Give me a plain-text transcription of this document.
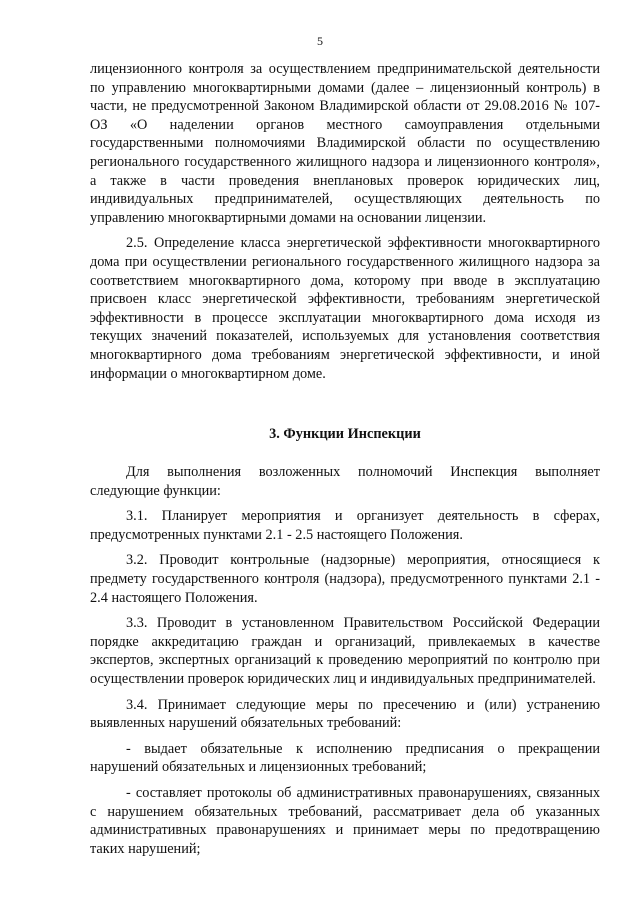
5

лицензионного контроля за осуществлением предпринимательской деятельности по управлению многоквартирными домами (далее – лицензионный контроль) в части, не предусмотренной Законом Владимирской области от 29.08.2016 № 107-ОЗ «О наделении органов местного самоуправления отдельными государственными полномочиями Владимирской области по осуществлению регионального государственного жилищного надзора и лицензионного контроля», а также в части проведения внеплановых проверок юридических лиц, индивидуальных предпринимателей, осуществляющих деятельность по управлению многоквартирными домами на основании лицензии.

2.5. Определение класса энергетической эффективности многоквартирного дома при осуществлении регионального государственного жилищного надзора за соответствием многоквартирного дома, которому при вводе в эксплуатацию присвоен класс энергетической эффективности, требованиям энергетической эффективности в процессе эксплуатации многоквартирного дома исходя из текущих значений показателей, используемых для установления соответствия многоквартирного дома требованиям энергетической эффективности, и иной информации о многоквартирном доме.

3. Функции Инспекции

Для выполнения возложенных полномочий Инспекция выполняет следующие функции:

3.1. Планирует мероприятия и организует деятельность в сферах, предусмотренных пунктами 2.1 - 2.5 настоящего Положения.

3.2. Проводит контрольные (надзорные) мероприятия, относящиеся к предмету государственного контроля (надзора), предусмотренного пунктами 2.1 - 2.4 настоящего Положения.

3.3. Проводит в установленном Правительством Российской Федерации порядке аккредитацию граждан и организаций, привлекаемых в качестве экспертов, экспертных организаций к проведению мероприятий по контролю при осуществлении проверок юридических лиц и индивидуальных предпринимателей.

3.4. Принимает следующие меры по пресечению и (или) устранению выявленных нарушений обязательных требований:

- выдает обязательные к исполнению предписания о прекращении нарушений обязательных и лицензионных требований;

- составляет протоколы об административных правонарушениях, связанных с нарушением обязательных требований, рассматривает дела об указанных административных правонарушениях и принимает меры по предотвращению таких нарушений;
